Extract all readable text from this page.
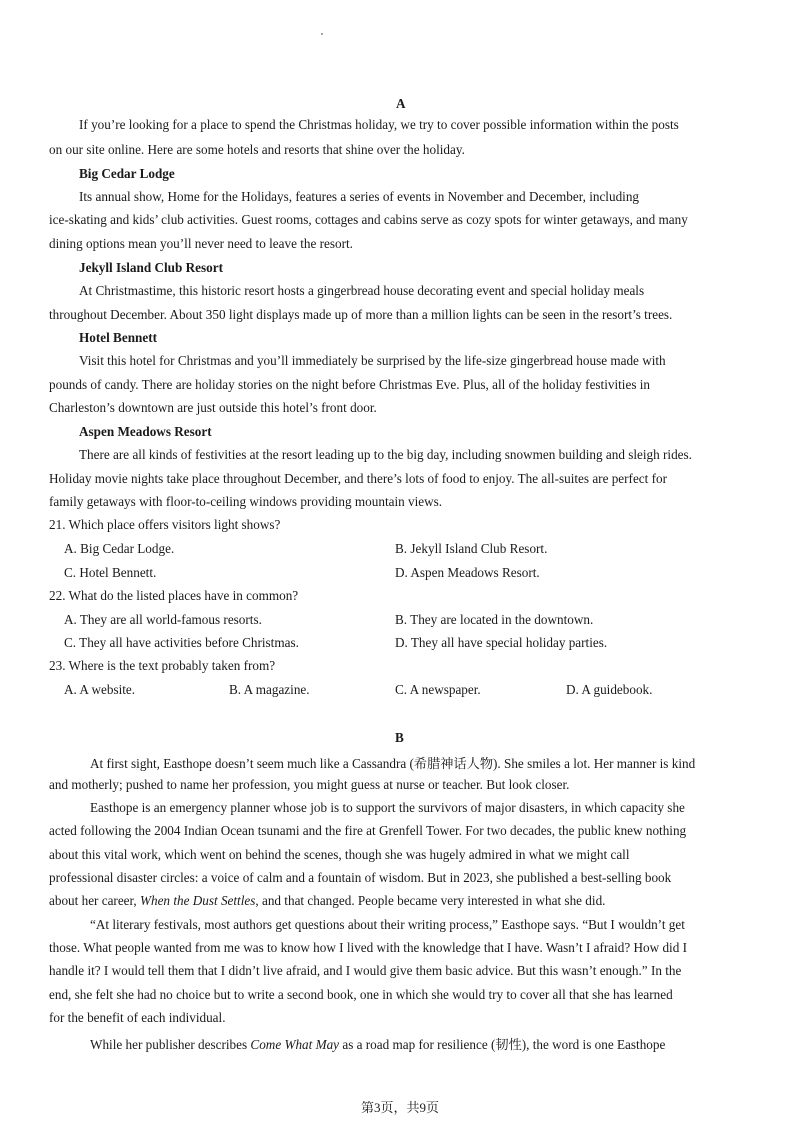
A
If you’re looking for a place to spend the Christmas holiday, we try to cover possible information within the posts
on our site online. Here are some hotels and resorts that shine over the holiday.
Big Cedar Lodge
Its annual show, Home for the Holidays, features a series of events in November and December, including
ice-skating and kids’ club activities. Guest rooms, cottages and cabins serve as cozy spots for winter getaways, and many
dining options mean you’ll never need to leave the resort.
Jekyll Island Club Resort
At Christmastime, this historic resort hosts a gingerbread house decorating event and special holiday meals
throughout December. About 350 light displays made up of more than a million lights can be seen in the resort’s trees.
Hotel Bennett
Visit this hotel for Christmas and you’ll immediately be surprised by the life-size gingerbread house made with
pounds of candy. There are holiday stories on the night before Christmas Eve. Plus, all of the holiday festivities in
Charleston’s downtown are just outside this hotel’s front door.
Aspen Meadows Resort
There are all kinds of festivities at the resort leading up to the big day, including snowmen building and sleigh rides.
Holiday movie nights take place throughout December, and there’s lots of food to enjoy. The all-suites are perfect for
family getaways with floor-to-ceiling windows providing mountain views.
21. Which place offers visitors light shows?
A. Big Cedar Lodge.	B. Jekyll Island Club Resort.
C. Hotel Bennett.	D. Aspen Meadows Resort.
22. What do the listed places have in common?
A. They are all world-famous resorts.	B. They are located in the downtown.
C. They all have activities before Christmas.	D. They all have special holiday parties.
23. Where is the text probably taken from?
A. A website.	B. A magazine.	C. A newspaper.	D. A guidebook.
B
At first sight, Easthope doesn’t seem much like a Cassandra (希腊神话人物). She smiles a lot. Her manner is kind
and motherly; pushed to name her profession, you might guess at nurse or teacher. But look closer.
Easthope is an emergency planner whose job is to support the survivors of major disasters, in which capacity she
acted following the 2004 Indian Ocean tsunami and the fire at Grenfell Tower. For two decades, the public knew nothing
about this vital work, which went on behind the scenes, though she was hugely admired in what we might call
professional disaster circles: a voice of calm and a fountain of wisdom. But in 2023, she published a best-selling book
about her career, When the Dust Settles, and that changed. People became very interested in what she did.
“At literary festivals, most authors get questions about their writing process,” Easthope says. “But I wouldn’t get
those. What people wanted from me was to know how I lived with the knowledge that I have. Wasn’t I afraid? How did I
handle it? I would tell them that I didn’t live afraid, and I would give them basic advice. But this wasn’t enough.” In the
end, she felt she had no choice but to write a second book, one in which she would try to cover all that she has learned
for the benefit of each individual.
While her publisher describes Come What May as a road map for resilience (韧性), the word is one Easthope
第3页，共9页
